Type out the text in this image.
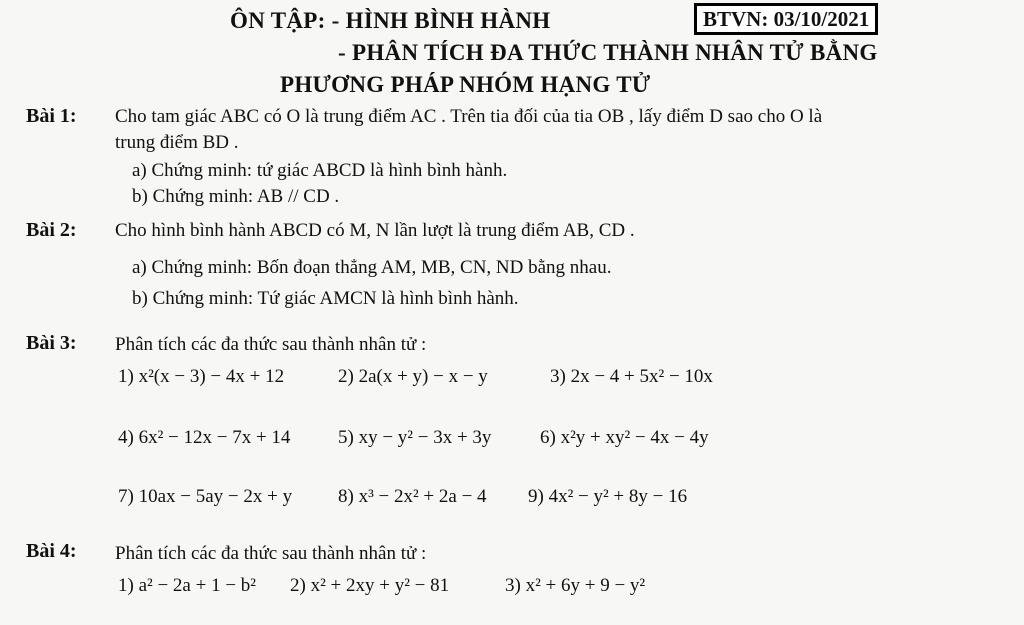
ÔN TẬP: - HÌNH BÌNH HÀNH	BTVN: 03/10/2021
- PHÂN TÍCH ĐA THỨC THÀNH NHÂN TỬ BẰNG
PHƯƠNG PHÁP NHÓM HẠNG TỬ
Bài 1: Cho tam giác ABC có O là trung điểm AC . Trên tia đối của tia OB , lấy điểm D sao cho O là
trung điểm BD .
a) Chứng minh: tứ giác ABCD là hình bình hành.
b) Chứng minh: AB // CD .
Bài 2: Cho hình bình hành ABCD có M, N lần lượt là trung điểm AB, CD .
a) Chứng minh: Bốn đoạn thẳng AM, MB, CN, ND bằng nhau.
b) Chứng minh: Tứ giác AMCN là hình bình hành.
Bài 3: Phân tích các đa thức sau thành nhân tử :
1) x²(x − 3) − 4x + 12	2) 2a(x + y) − x − y	3) 2x − 4 + 5x² − 10x
4) 6x² − 12x − 7x + 14	5) xy − y² − 3x + 3y	6) x²y + xy² − 4x − 4y
7) 10ax − 5ay − 2x + y 8) x³ − 2x² + 2a − 4 9) 4x² − y² + 8y − 16
Bài 4: Phân tích các đa thức sau thành nhân tử :
1) a² − 2a + 1 − b² 2) x² + 2xy + y² − 81	3) x² + 6y + 9 − y²
